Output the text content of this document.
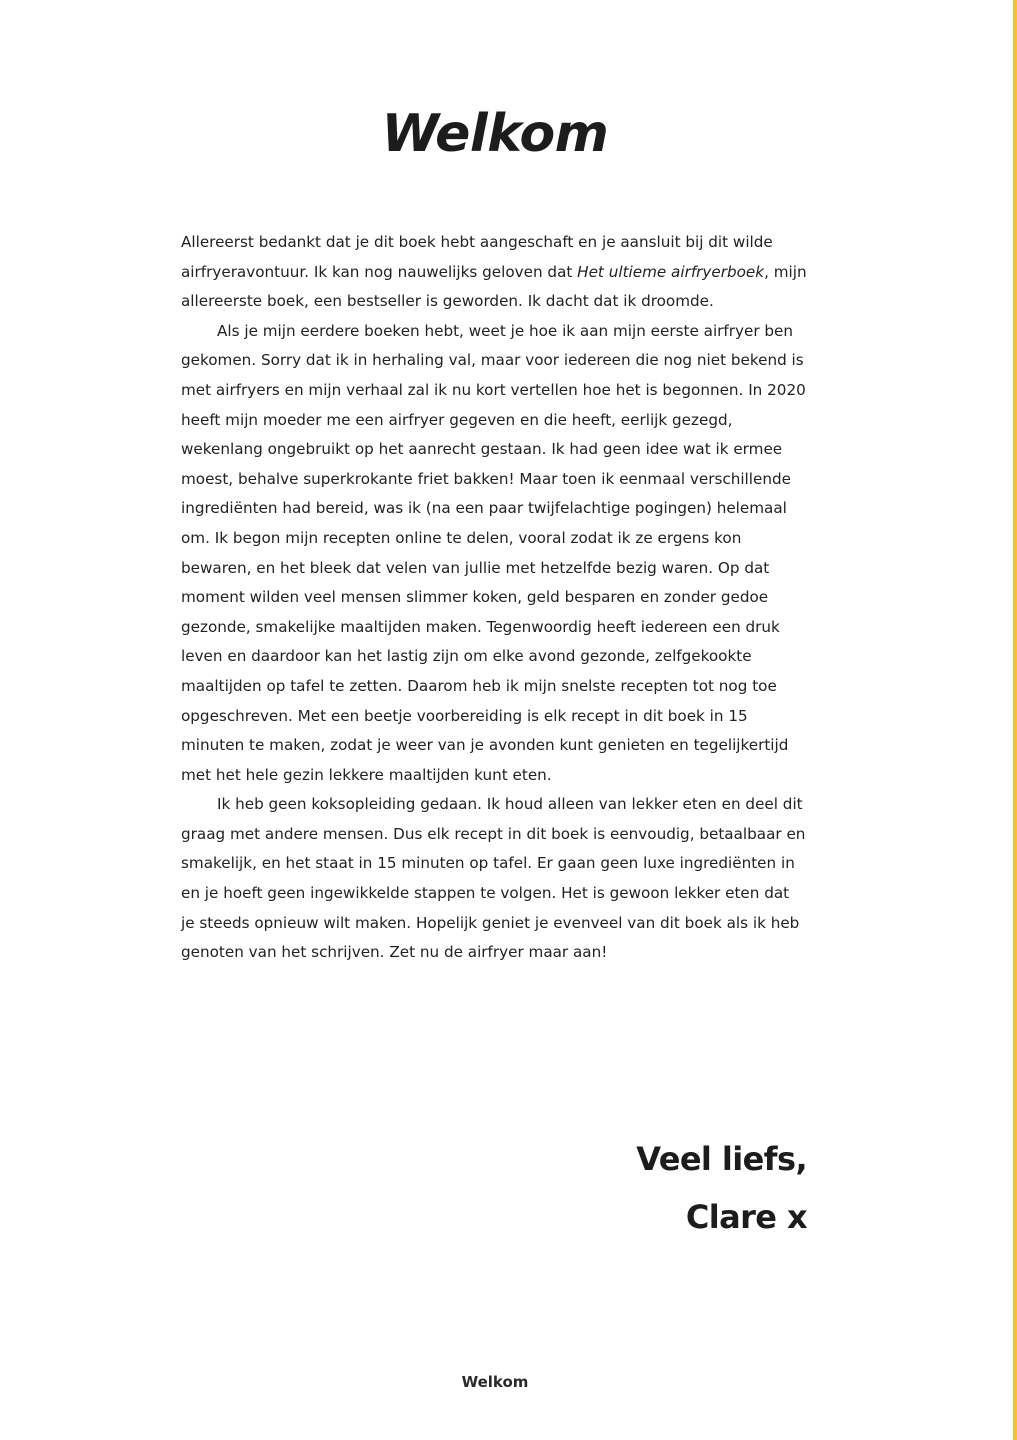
Welkom

Allereerst bedankt dat je dit boek hebt aangeschaft en je aansluit bij dit wilde airfryeravontuur. Ik kan nog nauwelijks geloven dat Het ultieme airfryerboek, mijn allereerste boek, een bestseller is geworden. Ik dacht dat ik droomde.

Als je mijn eerdere boeken hebt, weet je hoe ik aan mijn eerste airfryer ben gekomen. Sorry dat ik in herhaling val, maar voor iedereen die nog niet bekend is met airfryers en mijn verhaal zal ik nu kort vertellen hoe het is begonnen. In 2020 heeft mijn moeder me een airfryer gegeven en die heeft, eerlijk gezegd, wekenlang ongebruikt op het aanrecht gestaan. Ik had geen idee wat ik ermee moest, behalve superkrokante friet bakken! Maar toen ik eenmaal verschillende ingrediënten had bereid, was ik (na een paar twijfelachtige pogingen) helemaal om. Ik begon mijn recepten online te delen, vooral zodat ik ze ergens kon bewaren, en het bleek dat velen van jullie met hetzelfde bezig waren. Op dat moment wilden veel mensen slimmer koken, geld besparen en zonder gedoe gezonde, smakelijke maaltijden maken. Tegenwoordig heeft iedereen een druk leven en daardoor kan het lastig zijn om elke avond gezonde, zelfgekookte maaltijden op tafel te zetten. Daarom heb ik mijn snelste recepten tot nog toe opgeschreven. Met een beetje voorbereiding is elk recept in dit boek in 15 minuten te maken, zodat je weer van je avonden kunt genieten en tegelijkertijd met het hele gezin lekkere maaltijden kunt eten.

Ik heb geen koksopleiding gedaan. Ik houd alleen van lekker eten en deel dit graag met andere mensen. Dus elk recept in dit boek is eenvoudig, betaalbaar en smakelijk, en het staat in 15 minuten op tafel. Er gaan geen luxe ingrediënten in en je hoeft geen ingewikkelde stappen te volgen. Het is gewoon lekker eten dat je steeds opnieuw wilt maken. Hopelijk geniet je evenveel van dit boek als ik heb genoten van het schrijven. Zet nu de airfryer maar aan!

Veel liefs,
Clare x
Welkom
